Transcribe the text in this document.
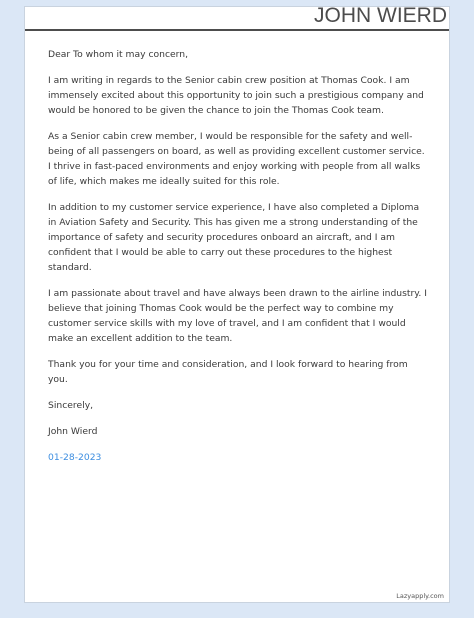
JOHN WIERD

Dear To whom it may concern,

I am writing in regards to the Senior cabin crew position at Thomas Cook. I am immensely excited about this opportunity to join such a prestigious company and would be honored to be given the chance to join the Thomas Cook team.

As a Senior cabin crew member, I would be responsible for the safety and well-being of all passengers on board, as well as providing excellent customer service. I thrive in fast-paced environments and enjoy working with people from all walks of life, which makes me ideally suited for this role.

In addition to my customer service experience, I have also completed a Diploma in Aviation Safety and Security. This has given me a strong understanding of the importance of safety and security procedures onboard an aircraft, and I am confident that I would be able to carry out these procedures to the highest standard.

I am passionate about travel and have always been drawn to the airline industry. I believe that joining Thomas Cook would be the perfect way to combine my customer service skills with my love of travel, and I am confident that I would make an excellent addition to the team.

Thank you for your time and consideration, and I look forward to hearing from you.

Sincerely,

John Wierd

01-28-2023

Lazyapply.com
